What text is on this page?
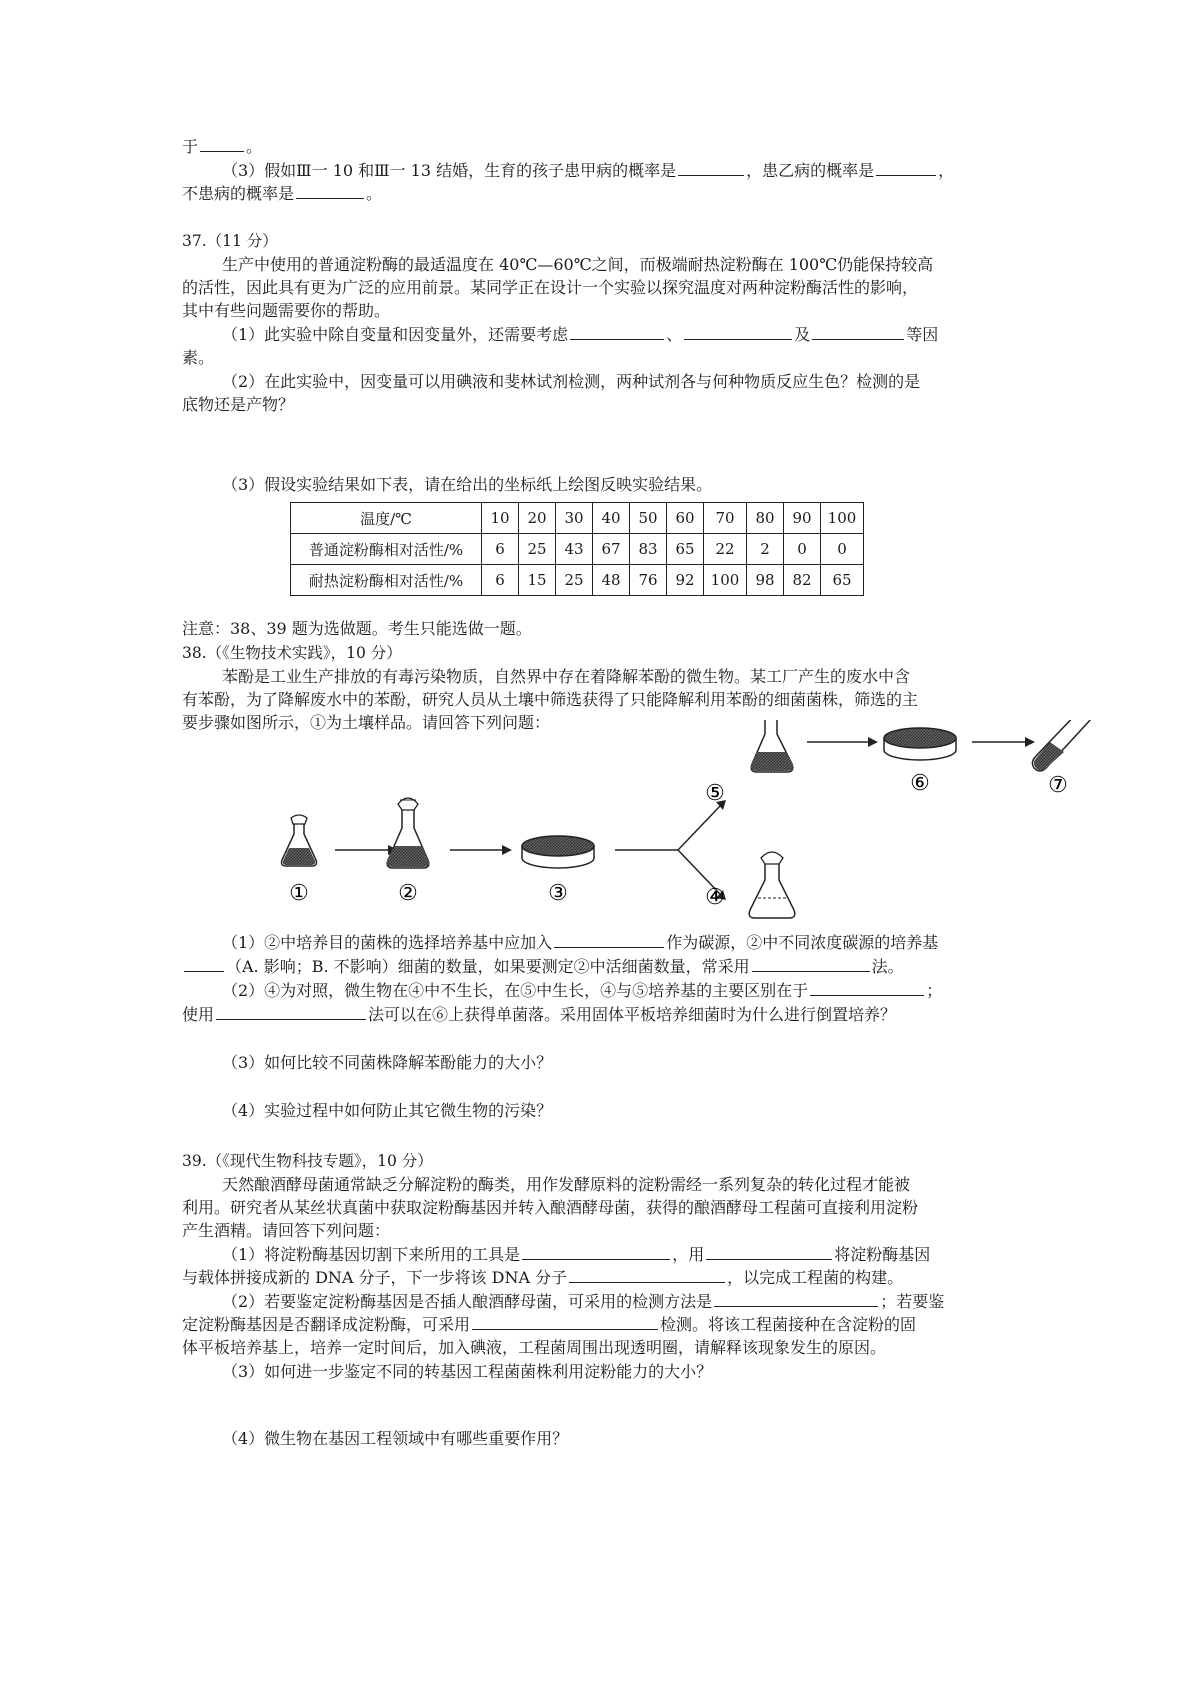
于	。
（3）假如Ⅲ一 10 和Ⅲ一 13 结婚，生育的孩子患甲病的概率是	，患乙病的概率是	，
不患病的概率是	。
37.（11 分）
生产中使用的普通淀粉酶的最适温度在 40℃—60℃之间，而极端耐热淀粉酶在 100℃仍能保持较高
的活性，因此具有更为广泛的应用前景。某同学正在设计一个实验以探究温度对两种淀粉酶活性的影响，
其中有些问题需要你的帮助。
（1）此实验中除自变量和因变量外，还需要考虑	、	及	等因
素。
（2）在此实验中，因变量可以用碘液和斐林试剂检测，两种试剂各与何种物质反应生色？检测的是
底物还是产物？
（3）假设实验结果如下表，请在给出的坐标纸上绘图反映实验结果。
温度/℃	10	20	30	40	50	60	70	80	90	100
普通淀粉酶相对活性/%	6	25	43	67	83	65	22	2	0	0
耐热淀粉酶相对活性/%	6	15	25	48	76	92	100	98	82	65
注意：38、39 题为选做题。考生只能选做一题。
38.（《生物技术实践》，10 分）
苯酚是工业生产排放的有毒污染物质，自然界中存在着降解苯酚的微生物。某工厂产生的废水中含
有苯酚，为了降解废水中的苯酚，研究人员从土壤中筛选获得了只能降解利用苯酚的细菌菌株，筛选的主
要步骤如图所示，①为土壤样品。请回答下列问题：
①	②	③
⑤
④
⑥	⑦
（1）②中培养目的菌株的选择培养基中应加入	作为碳源，②中不同浓度碳源的培养基
（A. 影响；B. 不影响）细菌的数量，如果要测定②中活细菌数量，常采用	法。
（2）④为对照，微生物在④中不生长，在⑤中生长，④与⑤培养基的主要区别在于	；
使用	法可以在⑥上获得单菌落。采用固体平板培养细菌时为什么进行倒置培养？
（3）如何比较不同菌株降解苯酚能力的大小？
（4）实验过程中如何防止其它微生物的污染？
39.（《现代生物科技专题》，10 分）
天然酿酒酵母菌通常缺乏分解淀粉的酶类，用作发酵原料的淀粉需经一系列复杂的转化过程才能被
利用。研究者从某丝状真菌中获取淀粉酶基因并转入酿酒酵母菌，获得的酿酒酵母工程菌可直接利用淀粉
产生酒精。请回答下列问题：
（1）将淀粉酶基因切割下来所用的工具是	，用	将淀粉酶基因
与载体拼接成新的 DNA 分子，下一步将该 DNA 分子	，以完成工程菌的构建。
（2）若要鉴定淀粉酶基因是否插人酿酒酵母菌，可采用的检测方法是	；若要鉴
定淀粉酶基因是否翻译成淀粉酶，可采用	检测。将该工程菌接种在含淀粉的固
体平板培养基上，培养一定时间后，加入碘液，工程菌周围出现透明圈，请解释该现象发生的原因。
（3）如何进一步鉴定不同的转基因工程菌菌株利用淀粉能力的大小？
（4）微生物在基因工程领域中有哪些重要作用？
